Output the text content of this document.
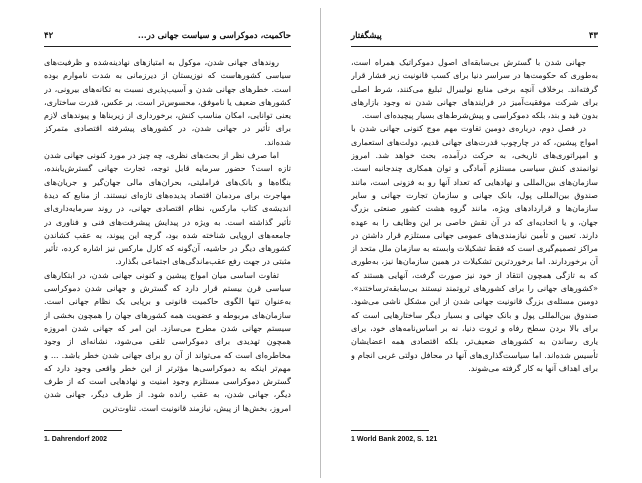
حاکمیت، دموکراسی و سیاست جهانی در...
۴۲

روندهای جهانی شدن، موکول به امتیازهای نهادینه‌شده و ظرفیت‌های سیاسی کشورهاست که نوزیستان از دیرزمانی به شدت ناموارم بوده است. خطرهای جهانی شدن و آسیب‌پذیری نسبت به تکانه‌های بیرونی، در کشورهای ضعیف یا ناموفق، محسوس‌تر است. بر عکس، قدرت ساختاری، یعنی توانایی، امکان مناسب کنش، برخورداری از زیربناها و پیوندهای لازم برای تأثیر در جهانی شدن، در کشورهای پیشرفته اقتصادی متمرکز شده‌اند.

اما صرف نظر از بحث‌های نظری، چه چیز در مورد کنونی جهانی شدن تازه است؟ حضور سرمایه قابل توجه، تجارت جهانی گسترش‌یابنده، بنگاه‌ها و بانک‌های فراملیتی، بحران‌های مالی جهان‌گیر و جریان‌های مهاجرت برای مردمان اقتصاد پدیده‌های تازه‌ای نیستند. از منابع که دیدهٔ اندیشه‌ی کتاب مارکس، نظام اقتصادی جهانی، در روند سرمایه‌داری‌ای تأثیر گذاشته است. به ویژه در پیدایش پیشرفت‌های فنی و فناوری در جامعه‌های اروپایی شناخته شده بود، گرچه این پیوند، به عقب کشاندن کشورهای دیگر در حاشیه، آن‌گونه که کارل مارکس نیز اشاره کرده، تأثیر مثبتی در جهت رفع عقب‌ماندگی‌های اجتماعی بگذارد.

تفاوت اساسی میان امواج پیشین و کنونی جهانی شدن، در ابتکارهای سیاسی قرن بیستم قرار دارد که گسترش و جهانی شدن دموکراسی به‌عنوان تنها الگوی حاکمیت قانونی و برپایی یک نظام جهانی است. سازمان‌های مربوطه و عضویت همه کشورهای جهان را همچون بخشی از سیستم جهانی شدن مطرح می‌سازد. این امر که جهانی شدن امروزه همچون تهدیدی برای دموکراسی تلقی می‌شود، نشانه‌ای از وجود مخاطره‌ای است که می‌تواند از آن رو برای جهانی شدن خطر باشد. ... و مهم‌تر اینکه به دموکراسی‌ها مؤثرتر از این خطر واقعی وجود دارد که گسترش دموکراسی مستلزم وجود امنیت و نهادهایی است که از طرف دیگر، جهانی شدن، به عقب رانده شود. از طرف دیگر، جهانی شدن امروز، بخش‌ها از پیش، نیازمند قانونیت است. تناوت‌ترین

1. Dahrendorf 2002
۴۳
پیشگفتار

جهانی شدن با گسترش بی‌سابقه‌ای اصول دموکراتیک همراه است، به‌طوری که حکومت‌ها در سراسر دنیا برای کسب قانونیت زیر فشار قرار گرفته‌اند. برخلاف آنچه برخی منابع نولیبرال تبلیغ می‌کنند، شرط اصلی برای شرکت موفقیت‌آمیز در فرایندهای جهانی شدن نه وجود بازارهای بدون قید و بند، بلکه دموکراسی و پیش‌شرط‌های بسیار پیچیده‌ای است.

در فصل دوم، درباره‌ی دومین تفاوت مهم موج کنونی جهانی شدن با امواج پیشین، که در چارچوب قدرت‌های جهانی قدیم، دولت‌های استعماری و امپراتوری‌های تاریخی، به حرکت درآمده، بحث خواهد شد. امروز نوانمندی کنش سیاسی مستلزم آمادگی و توان همکاری چندجانبه است. سازمان‌های بین‌المللی و نهادهایی که تعداد آنها رو به فزونی است، مانند صندوق بین‌المللی پول، بانک جهانی و سازمان تجارت جهانی و سایر سازمان‌ها و قراردادهای ویژه، مانند گروه هشت کشور صنعتی بزرگ جهان، و یا اتحادیه‌ای که در آن نقش خاصی بر این وظایف را به عهده دارند. تعیین و تأمین نیازمندی‌های عمومی جهانی مستلزم قرار داشتن در مراکز تصمیم‌گیری است که فقط تشکیلات وابسته به سازمان ملل متحد از آن برخوردارند. اما برخوردترین تشکیلات در همین سازمان‌ها نیز، به‌طوری که به تازگی همچون انتقاد از خود نیز صورت گرفت، آنهایی هستند که «کشورهای جهانی را برای کشورهای ثروتمند نیستند بی‌سابقه‌تر‌ساختند». دومین مسئله‌ی بزرگ قانونیت جهانی شدن از این مشکل ناشی می‌شود. صندوق بین‌المللی پول و بانک جهانی و بسیار دیگر ساختارهایی است که برای بالا بردن سطح رفاه و ثروت دنیا، نه بر اساس‌نامه‌های خود، برای یاری رساندن به کشورهای ضعیف‌تر، بلکه اقتصادی همه اعضایشان تأسیس شده‌اند. اما سیاست‌گذاری‌های آنها در محافل دولتی غربی انجام و برای اهداف آنها به کار گرفته می‌شوند.

1 World Bank 2002, S. 121
